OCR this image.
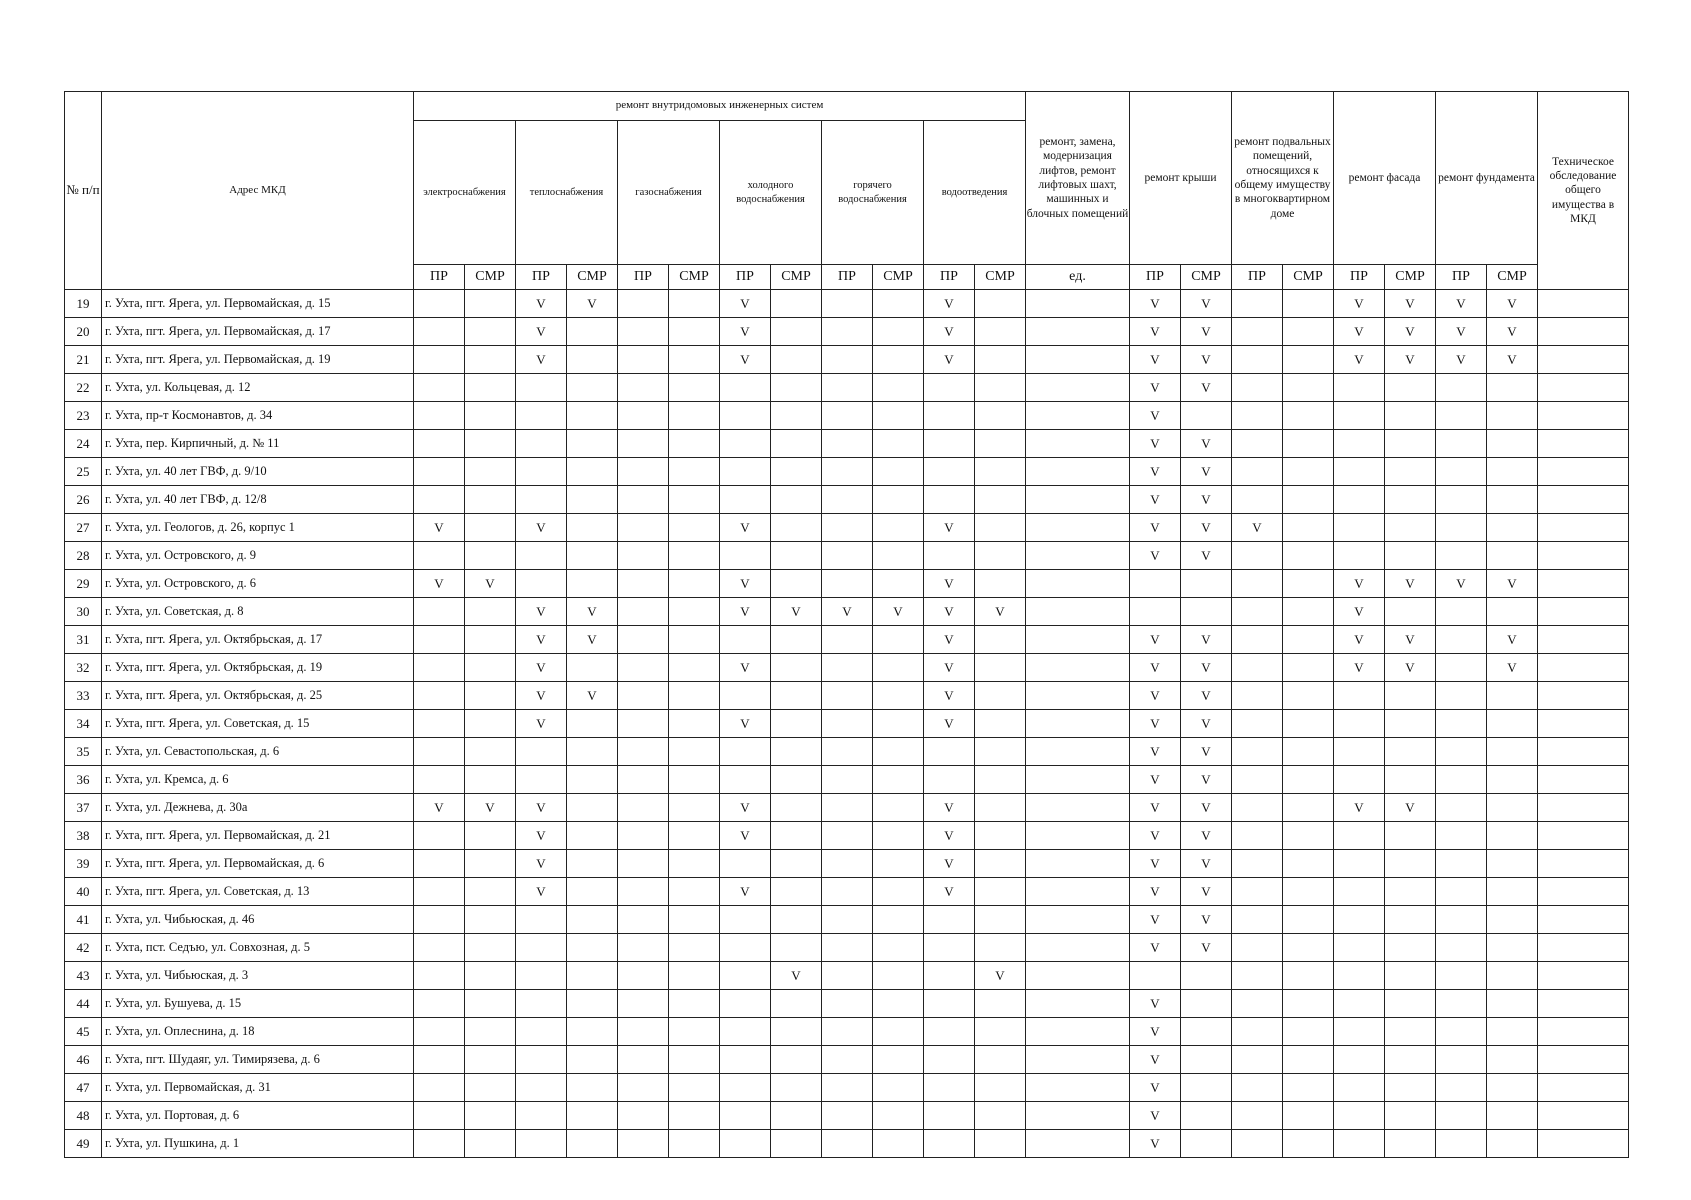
№ п/п	Адрес МКД	ремонт внутридомовых инженерных систем												ремонт, замена, модернизация лифтов, ремонт лифтовых шахт, машинных и блочных помещений	ремонт крыши		ремонт подвальных помещений, относящихся к общему имуществу в многоквартирном доме		ремонт фасада		ремонт фундамента		Техническое обследование общего имущества в МКД
		электроснабжения		теплоснабжения		газоснабжения		холодного водоснабжения		горячего водоснабжения		водоотведения											
		ПР	СМР	ПР	СМР	ПР	СМР	ПР	СМР	ПР	СМР	ПР	СМР	ед.	ПР	СМР	ПР	СМР	ПР	СМР	ПР	СМР	
19	г. Ухта, пгт. Ярега, ул. Первомайская, д. 15			V	V			V				V			V	V			V	V	V	V	
20	г. Ухта, пгт. Ярега, ул. Первомайская, д. 17			V				V				V			V	V			V	V	V	V	
21	г. Ухта, пгт. Ярега, ул. Первомайская, д. 19			V				V				V			V	V			V	V	V	V	
22	г. Ухта, ул. Кольцевая, д. 12														V	V							
23	г. Ухта, пр-т Космонавтов, д. 34														V								
24	г. Ухта, пер. Кирпичный, д. № 11														V	V							
25	г. Ухта, ул. 40 лет ГВФ, д. 9/10														V	V							
26	г. Ухта, ул. 40 лет ГВФ, д. 12/8														V	V							
27	г. Ухта, ул. Геологов, д. 26, корпус 1	V		V				V				V			V	V	V						
28	г. Ухта, ул. Островского, д. 9														V	V							
29	г. Ухта, ул. Островского, д. 6	V	V					V				V							V	V	V	V	
30	г. Ухта, ул. Советская, д. 8			V	V			V	V	V	V	V	V						V				
31	г. Ухта, пгт. Ярега, ул. Октябрьская, д. 17			V	V							V			V	V			V	V		V	
32	г. Ухта, пгт. Ярега, ул. Октябрьская, д. 19			V				V				V			V	V			V	V		V	
33	г. Ухта, пгт. Ярега, ул. Октябрьская, д. 25			V	V							V			V	V							
34	г. Ухта, пгт. Ярега, ул. Советская, д. 15			V				V				V			V	V							
35	г. Ухта, ул. Севастопольская, д. 6														V	V							
36	г. Ухта, ул. Кремса, д. 6														V	V							
37	г. Ухта, ул. Дежнева, д. 30а	V	V	V				V				V			V	V			V	V			
38	г. Ухта, пгт. Ярега, ул. Первомайская, д. 21			V				V				V			V	V							
39	г. Ухта, пгт. Ярега, ул. Первомайская, д. 6			V								V			V	V							
40	г. Ухта, пгт. Ярега, ул. Советская, д. 13			V				V				V			V	V							
41	г. Ухта, ул. Чибьюская, д. 46														V	V							
42	г. Ухта, пст. Седъю, ул. Совхозная, д. 5														V	V							
43	г. Ухта, ул. Чибьюская, д. 3								V				V										
44	г. Ухта, ул. Бушуева, д. 15														V								
45	г. Ухта, ул. Оплеснина, д. 18														V								
46	г. Ухта, пгт. Шудаяг, ул. Тимирязева, д. 6														V								
47	г. Ухта, ул. Первомайская, д. 31														V								
48	г. Ухта, ул. Портовая, д. 6														V								
49	г. Ухта, ул. Пушкина, д. 1														V								
